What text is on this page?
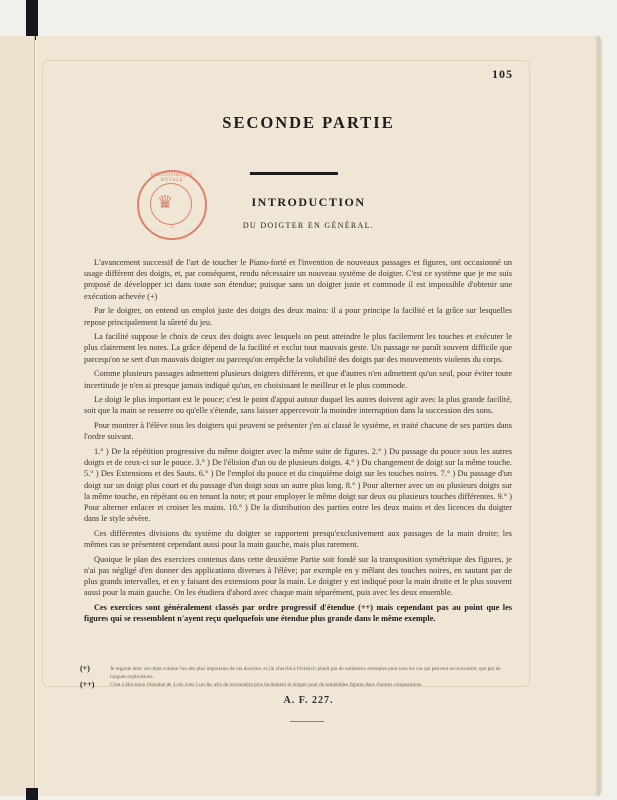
105
SECONDE PARTIE
INTRODUCTION
DU DOIGTER EN GÉNÉRAL.
BIBLIOTHÈQUE ROYALE
♛
1

L'avancement successif de l'art de toucher le Piano-forté et l'invention de nouveaux passages et figures, ont occasionné un usage différent des doigts, et, par conséquent, rendu nécessaire un nouveau système de doigter. C'est ce système que je me suis proposé de développer ici dans toute son étendue; puisque sans un doigter juste et commode il est impossible d'obtenir une exécution achevée (+)

Par le doigter, on entend un emploi juste des doigts des deux mains: il a pour principe la facilité et la grâce sur lesquelles repose principalement la sûreté du jeu.

La facilité suppose le choix de ceux des doigts avec lesquels on peut atteindre le plus facilement les touches et exécuter le plus clairement les notes. La grâce dépend de la facilité et exclut tout mauvais geste. Un passage ne paraît souvent difficile que parcequ'on se sert d'un mauvais doigter ou parcequ'on empêche la volubilité des doigts par des mouvements violents du corps.

Comme plusieurs passages admettent plusieurs doigters différents, et que d'autres n'en admettent qu'un seul, pour éviter toute incertitude je n'en ai presque jamais indiqué qu'un, en choisissant le meilleur et le plus commode.

Le doigt le plus important est le pouce; c'est le point d'appui autour duquel les autres doivent agir avec la plus grande facilité, soit que la main se resserre ou qu'elle s'étende, sans laisser appercevoir la moindre interruption dans la succession des sons.

Pour montrer à l'élève tous les doigters qui peuvent se présenter j'en ai classé le système, et traité chacune de ses parties dans l'ordre suivant.

1.° ) De la répétition progressive du même doigter avec la même suite de figures. 2.° ) Du passage du pouce sous les autres doigts et de ceux-ci sur le pouce. 3.° ) De l'élision d'un ou de plusieurs doigts. 4.° ) Du changement de doigt sur la même touche. 5.° ) Des Extensions et des Sauts. 6.° ) De l'emploi du pouce et du cinquième doigt sur les touches noires. 7.° ) Du passage d'un doigt sur un doigt plus court et du passage d'un doigt sous un autre plus long. 8.° ) Pour alterner avec un ou plusieurs doigts sur la même touche, en répétant ou en tenant la note; et pour employer le même doigt sur deux ou plusieurs touches différentes. 9.° ) Pour alterner enlacer et croiser les mains. 10.° ) De la distribution des parties entre les deux mains et des licences du doigter dans le style sévère.

Ces différentes divisions du système du doigter se rapportent presqu'exclusivement aux passages de la main droite; les mêmes cas se présentent cependant aussi pour la main gauche, mais plus rarement.

Quoique le plan des exercices contenus dans cette deuxième Partie soit fondé sur la transposition symétrique des figures, je n'ai pas négligé d'en donner des applications diverses à l'élève; par exemple en y mêlant des touches noires, en sautant par de plus grands intervalles, et en y faisant des extensions pour la main. Le doigter y est indiqué pour la main droite et le plus souvent aussi pour la main gauche. On les étudiera d'abord avec chaque main séparément, puis avec les deux ensemble.

Ces exercices sont généralement classés par ordre progressif d'étendue (++) mais cependant pas au point que les figures qui se ressemblent n'ayent reçu quelquefois une étendue plus grande dans le même exemple.

(+)	Je regarde donc cet objet comme l'un des plus importants de ma doctrine, et j'ai cherché à l'éclaircir plutôt par de nombreux exemples pour tous les cas qui peuvent se rencontrer, que par de longues explications.
(++)	C'est à dire selon l'étendue de 3.ces 4.tes 5.tes &c afin de reconnaître plus facilement le doigter pour de semblables figures dans d'autres compositions.
A. F. 227.
